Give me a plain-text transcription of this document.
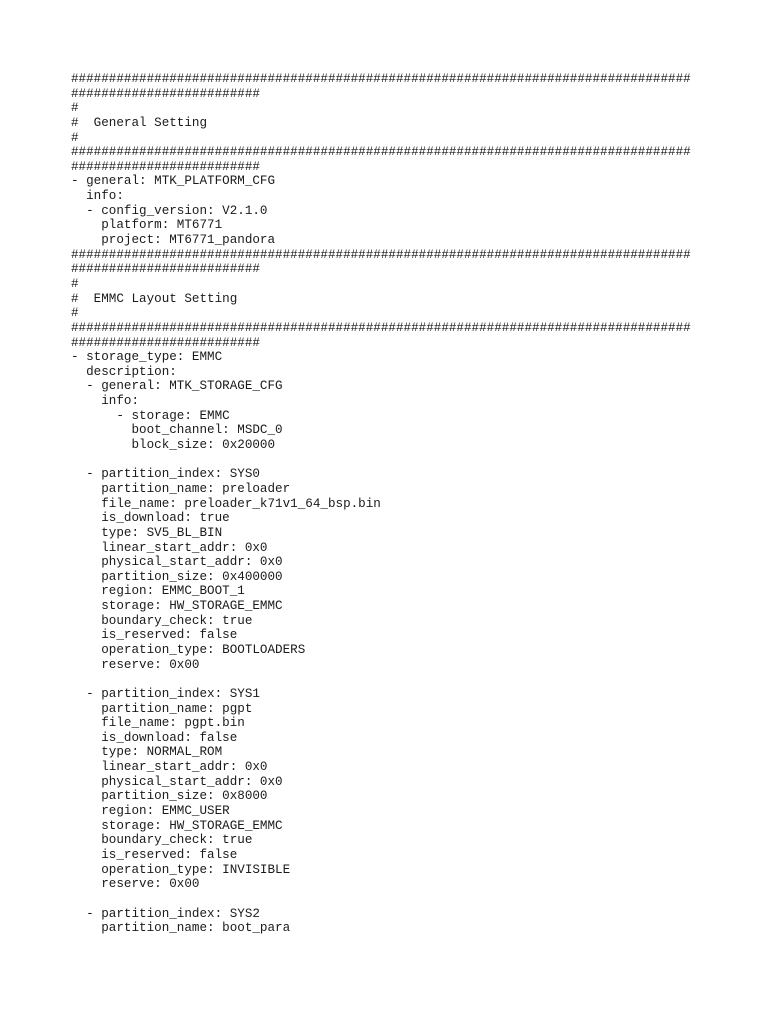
##################################################################################
#########################
#
#  General Setting
#
##################################################################################
#########################
- general: MTK_PLATFORM_CFG
info:
- config_version: V2.1.0
platform: MT6771
project: MT6771_pandora
##################################################################################
#########################
#
#  EMMC Layout Setting
#
##################################################################################
#########################
- storage_type: EMMC
description:
- general: MTK_STORAGE_CFG
info:
- storage: EMMC
boot_channel: MSDC_0
block_size: 0x20000
- partition_index: SYS0
partition_name: preloader
file_name: preloader_k71v1_64_bsp.bin
is_download: true
type: SV5_BL_BIN
linear_start_addr: 0x0
physical_start_addr: 0x0
partition_size: 0x400000
region: EMMC_BOOT_1
storage: HW_STORAGE_EMMC
boundary_check: true
is_reserved: false
operation_type: BOOTLOADERS
reserve: 0x00
- partition_index: SYS1
partition_name: pgpt
file_name: pgpt.bin
is_download: false
type: NORMAL_ROM
linear_start_addr: 0x0
physical_start_addr: 0x0
partition_size: 0x8000
region: EMMC_USER
storage: HW_STORAGE_EMMC
boundary_check: true
is_reserved: false
operation_type: INVISIBLE
reserve: 0x00
- partition_index: SYS2
partition_name: boot_para
